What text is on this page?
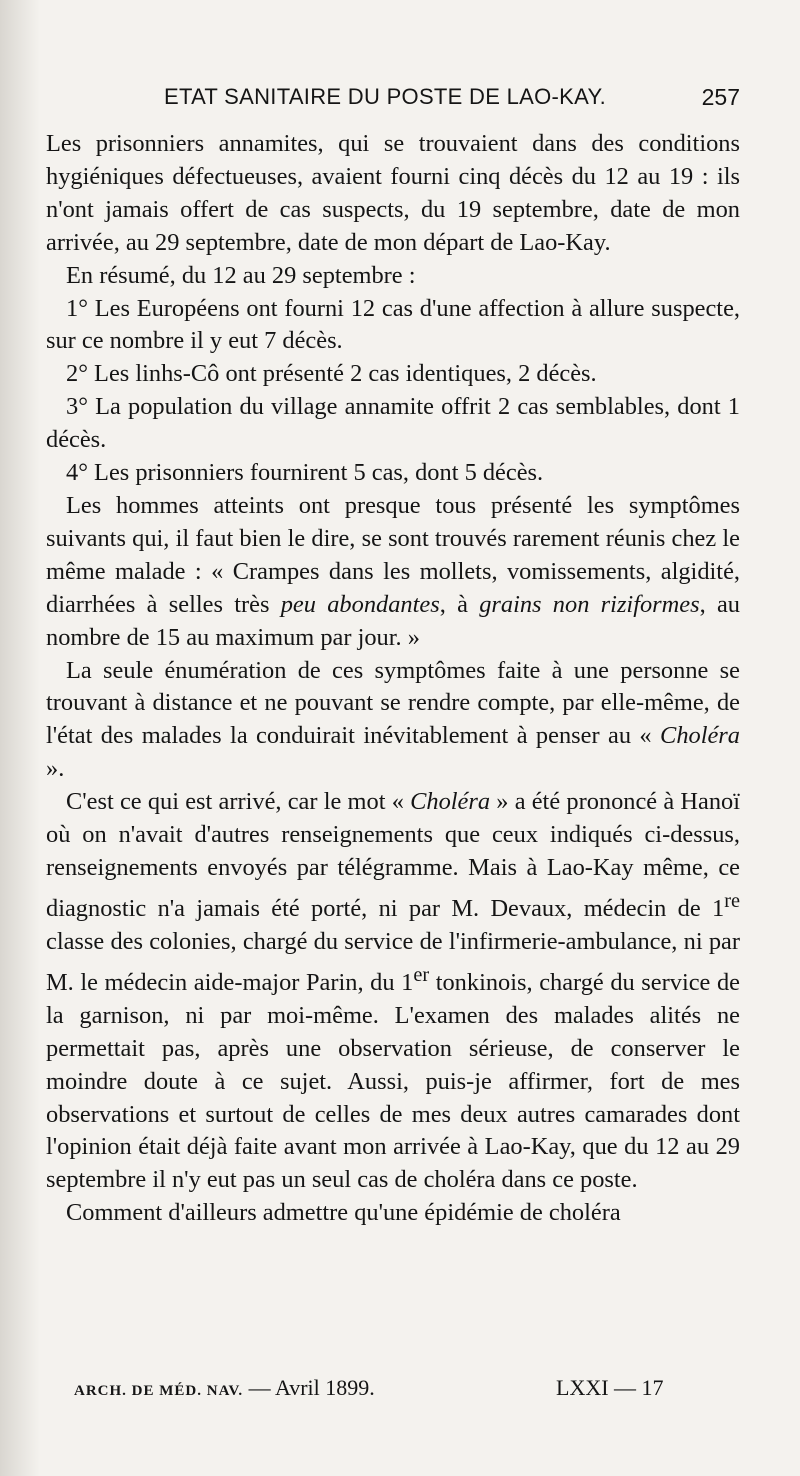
ETAT SANITAIRE DU POSTE DE LAO-KAY.	257

Les prisonniers annamites, qui se trouvaient dans des conditions hygiéniques défectueuses, avaient fourni cinq décès du 12 au 19 : ils n'ont jamais offert de cas suspects, du 19 septembre, date de mon arrivée, au 29 septembre, date de mon départ de Lao-Kay.

En résumé, du 12 au 29 septembre :

1° Les Européens ont fourni 12 cas d'une affection à allure suspecte, sur ce nombre il y eut 7 décès.

2° Les linhs-Cô ont présenté 2 cas identiques, 2 décès.

3° La population du village annamite offrit 2 cas semblables, dont 1 décès.

4° Les prisonniers fournirent 5 cas, dont 5 décès.

Les hommes atteints ont presque tous présenté les symptômes suivants qui, il faut bien le dire, se sont trouvés rarement réunis chez le même malade : « Crampes dans les mollets, vomissements, algidité, diarrhées à selles très peu abondantes, à grains non riziformes, au nombre de 15 au maximum par jour. »

La seule énumération de ces symptômes faite à une personne se trouvant à distance et ne pouvant se rendre compte, par elle-même, de l'état des malades la conduirait inévitablement à penser au « Choléra ».

C'est ce qui est arrivé, car le mot « Choléra » a été prononcé à Hanoï où on n'avait d'autres renseignements que ceux indiqués ci-dessus, renseignements envoyés par télégramme. Mais à Lao-Kay même, ce diagnostic n'a jamais été porté, ni par M. Devaux, médecin de 1re classe des colonies, chargé du service de l'infirmerie-ambulance, ni par M. le médecin aide-major Parin, du 1er tonkinois, chargé du service de la garnison, ni par moi-même. L'examen des malades alités ne permettait pas, après une observation sérieuse, de conserver le moindre doute à ce sujet. Aussi, puis-je affirmer, fort de mes observations et surtout de celles de mes deux autres camarades dont l'opinion était déjà faite avant mon arrivée à Lao-Kay, que du 12 au 29 septembre il n'y eut pas un seul cas de choléra dans ce poste.

Comment d'ailleurs admettre qu'une épidémie de choléra

ARCH. DE MÉD. NAV. — Avril 1899.	LXXI — 17
